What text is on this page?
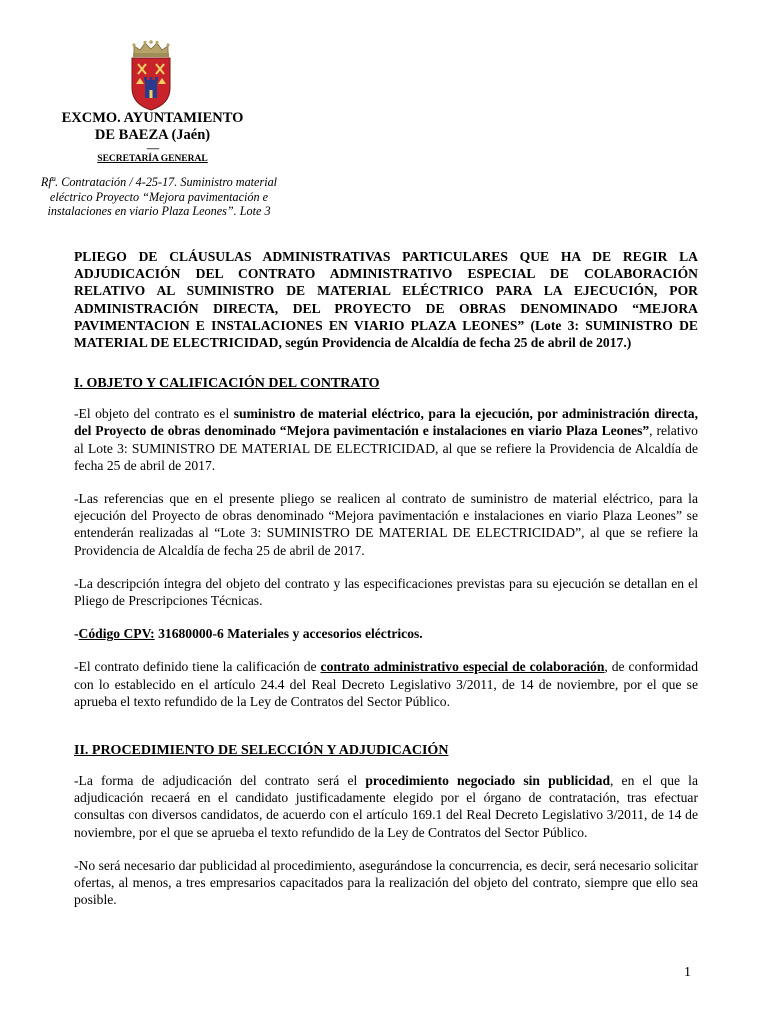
EXCMO. AYUNTAMIENTO
DE BAEZA (Jaén)
------
SECRETARÍA GENERAL
Rfª. Contratación / 4-25-17. Suministro material eléctrico Proyecto “Mejora pavimentación e instalaciones en viario Plaza Leones”. Lote 3

PLIEGO DE CLÁUSULAS ADMINISTRATIVAS PARTICULARES QUE HA DE REGIR LA ADJUDICACIÓN DEL CONTRATO ADMINISTRATIVO ESPECIAL DE COLABORACIÓN RELATIVO AL SUMINISTRO DE MATERIAL ELÉCTRICO PARA LA EJECUCIÓN, POR ADMINISTRACIÓN DIRECTA, DEL PROYECTO DE OBRAS DENOMINADO “MEJORA PAVIMENTACION E INSTALACIONES EN VIARIO PLAZA LEONES” (Lote 3: SUMINISTRO DE MATERIAL DE ELECTRICIDAD, según Providencia de Alcaldía de fecha 25 de abril de 2017.)

I. OBJETO Y CALIFICACIÓN DEL CONTRATO

-El objeto del contrato es el suministro de material eléctrico, para la ejecución, por administración directa, del Proyecto de obras denominado “Mejora pavimentación e instalaciones en viario Plaza Leones”, relativo al Lote 3: SUMINISTRO DE MATERIAL DE ELECTRICIDAD, al que se refiere la Providencia de Alcaldía de fecha 25 de abril de 2017.

-Las referencias que en el presente pliego se realicen al contrato de suministro de material eléctrico, para la ejecución del Proyecto de obras denominado “Mejora pavimentación e instalaciones en viario Plaza Leones” se entenderán realizadas al “Lote 3: SUMINISTRO DE MATERIAL DE ELECTRICIDAD”, al que se refiere la Providencia de Alcaldía de fecha 25 de abril de 2017.

-La descripción íntegra del objeto del contrato y las especificaciones previstas para su ejecución se detallan en el Pliego de Prescripciones Técnicas.

-Código CPV: 31680000-6 Materiales y accesorios eléctricos.

-El contrato definido tiene la calificación de contrato administrativo especial de colaboración, de conformidad con lo establecido en el artículo 24.4 del Real Decreto Legislativo 3/2011, de 14 de noviembre, por el que se aprueba el texto refundido de la Ley de Contratos del Sector Público.

II. PROCEDIMIENTO DE SELECCIÓN Y ADJUDICACIÓN

-La forma de adjudicación del contrato será el procedimiento negociado sin publicidad, en el que la adjudicación recaerá en el candidato justificadamente elegido por el órgano de contratación, tras efectuar consultas con diversos candidatos, de acuerdo con el artículo 169.1 del Real Decreto Legislativo 3/2011, de 14 de noviembre, por el que se aprueba el texto refundido de la Ley de Contratos del Sector Público.

-No será necesario dar publicidad al procedimiento, asegurándose la concurrencia, es decir, será necesario solicitar ofertas, al menos, a tres empresarios capacitados para la realización del objeto del contrato, siempre que ello sea posible.

1
